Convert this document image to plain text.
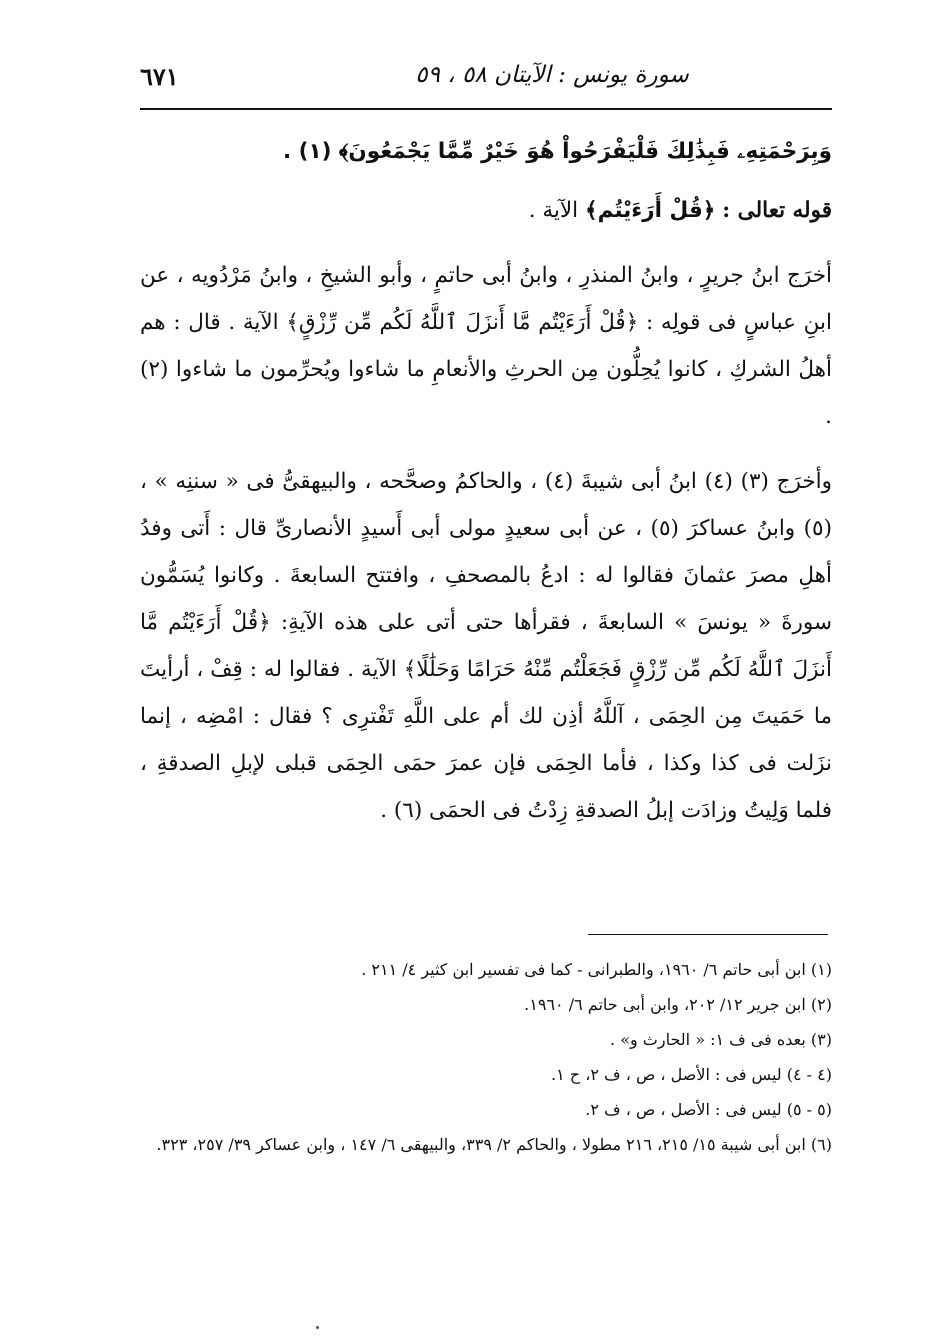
سورة يونس : الآيتان ٥٨ ، ٥٩
٦٧١

وَبِرَحْمَتِهِۦ فَبِذَٰلِكَ فَلْيَفْرَحُواْ هُوَ خَيْرٌ مِّمَّا يَجْمَعُونَ﴾ (١) .

قوله تعالى : ﴿قُلْ أَرَءَيْتُم﴾ الآية .

أخرَج ابنُ جريرٍ ، وابنُ المنذرِ ، وابنُ أبى حاتمٍ ، وأبو الشيخِ ، وابنُ مَرْدُويه ، عن ابنِ عباسٍ فى قولِه : ﴿قُلْ أَرَءَيْتُم مَّا أَنزَلَ ٱللَّهُ لَكُم مِّن رِّزْقٍ﴾ الآية . قال : هم أهلُ الشركِ ، كانوا يُحِلُّون مِن الحرثِ والأنعامِ ما شاءوا ويُحرِّمون ما شاءوا (٢) .

وأخرَج (٣) (٤) ابنُ أبى شيبةَ (٤) ، والحاكمُ وصحَّحه ، والبيهقىُّ فى « سننِه » ، (٥) وابنُ عساكرَ (٥) ، عن أبى سعيدٍ مولى أبى أَسيدٍ الأنصارىِّ قال : أَتى وفدُ أهلِ مصرَ عثمانَ فقالوا له : ادعُ بالمصحفِ ، وافتتح السابعةَ . وكانوا يُسَمُّون سورةَ « يونسَ » السابعةَ ، فقرأها حتى أتى على هذه الآيةِ: ﴿قُلْ أَرَءَيْتُم مَّا أَنزَلَ ٱللَّهُ لَكُم مِّن رِّزْقٍ فَجَعَلْتُم مِّنْهُ حَرَامًا وَحَلَٰلًا﴾ الآية . فقالوا له : قِفْ ، أرأيتَ ما حَمَيتَ مِن الحِمَى ، آللَّهُ أذِن لك أم على اللَّهِ تَفْترِى ؟ فقال : امْضِه ، إنما نزَلت فى كذا وكذا ، فأما الحِمَى فإن عمرَ حمَى الحِمَى قبلى لإبلِ الصدقةِ ، فلما وَلِيتُ وزادَت إبلُ الصدقةِ زِدْتُ فى الحمَى (٦) .

(١) ابن أبى حاتم ٦/ ١٩٦٠، والطبرانى - كما فى تفسير ابن كثير ٤/ ٢١١ .

(٢) ابن جرير ١٢/ ٢٠٢، وابن أبى حاتم ٦/ ١٩٦٠.

(٣) بعده فى ف ١: « الحارث و» .

(٤ - ٤) ليس فى : الأصل ، ص ، ف ٢، ح ١.

(٥ - ٥) ليس فى : الأصل ، ص ، ف ٢.

(٦) ابن أبى شيبة ١٥/ ٢١٥، ٢١٦ مطولا ، والحاكم ٢/ ٣٣٩، والبيهقى ٦/ ١٤٧ ، وابن عساكر ٣٩/ ٢٥٧، ٣٢٣.
